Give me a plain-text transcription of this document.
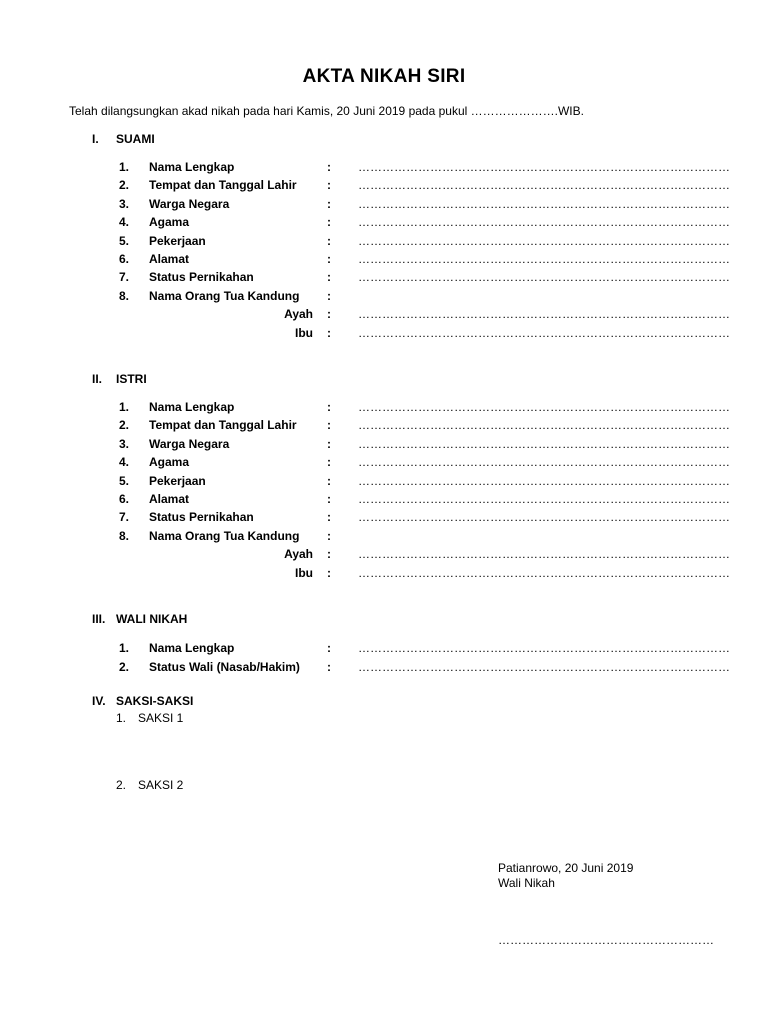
AKTA NIKAH SIRI
Telah dilangsungkan akad nikah pada hari Kamis, 20 Juni 2019 pada pukul ………………….WIB.
I. SUAMI
1. Nama Lengkap	: …………………………………………………………………………………
2. Tempat dan Tanggal Lahir	: …………………………………………………………………………………
3. Warga Negara	: …………………………………………………………………………………
4. Agama	: …………………………………………………………………………………
5. Pekerjaan	: …………………………………………………………………………………
6. Alamat	: …………………………………………………………………………………
7. Status Pernikahan	: …………………………………………………………………………………
8. Nama Orang Tua Kandung :
Ayah : …………………………………………………………………………………
Ibu : …………………………………………………………………………………
II. ISTRI
1. Nama Lengkap	: …………………………………………………………………………………
2. Tempat dan Tanggal Lahir	: …………………………………………………………………………………
3. Warga Negara	: …………………………………………………………………………………
4. Agama	: …………………………………………………………………………………
5. Pekerjaan	: …………………………………………………………………………………
6. Alamat	: …………………………………………………………………………………
7. Status Pernikahan	: …………………………………………………………………………………
8. Nama Orang Tua Kandung :
Ayah : …………………………………………………………………………………
Ibu : …………………………………………………………………………………
III. WALI NIKAH
1. Nama Lengkap	: …………………………………………………………………………………
2. Status Wali (Nasab/Hakim) : …………………………………………………………………………………
IV. SAKSI-SAKSI
1. SAKSI 1
2. SAKSI 2
Patianrowo, 20 Juni 2019
Wali Nikah
………………………………………………
